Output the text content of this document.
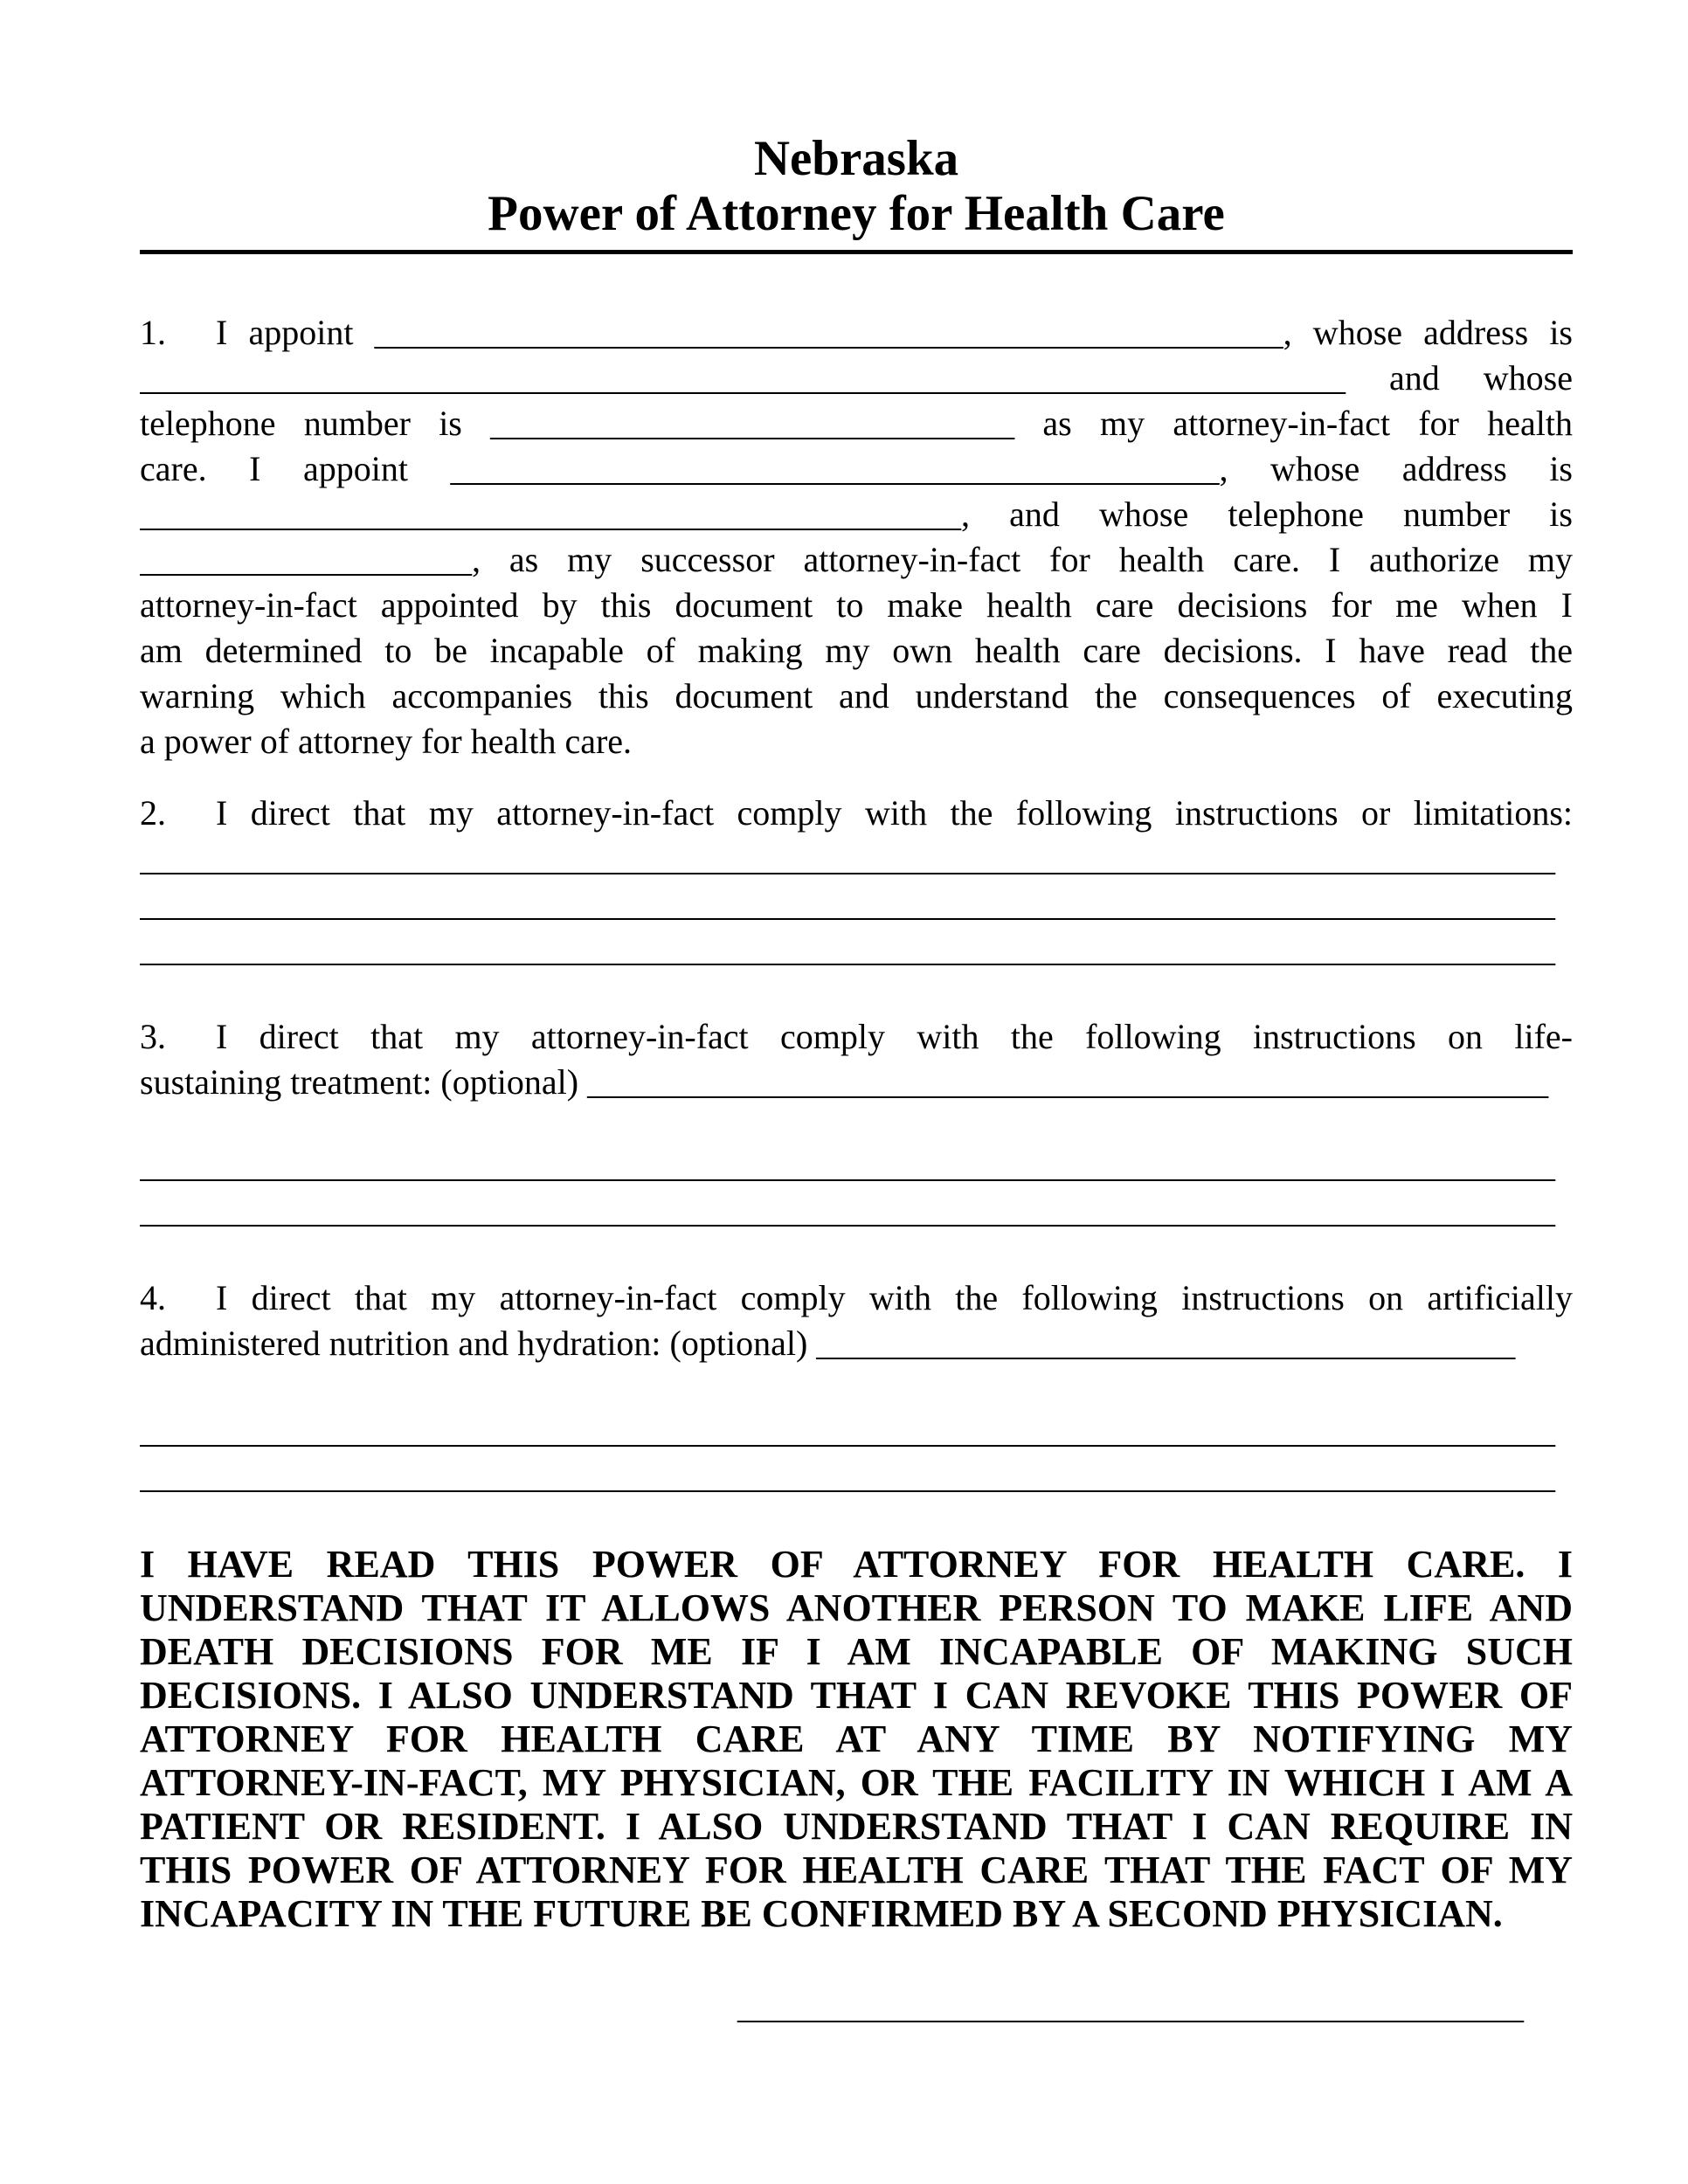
Nebraska
Power of Attorney for Health Care
1. I appoint ____________________________________________________, whose address is
_____________________________________________________________________ and whose
telephone number is ______________________________ as my attorney-in-fact for health
care. I appoint ____________________________________________, whose address is
_______________________________________________, and whose telephone number is
___________________, as my successor attorney-in-fact for health care. I authorize my
attorney-in-fact appointed by this document to make health care decisions for me when I
am determined to be incapable of making my own health care decisions. I have read the
warning which accompanies this document and understand the consequences of executing
a power of attorney for health care.
2. I direct that my attorney-in-fact comply with the following instructions or limitations:
_________________________________________________________________________________
_________________________________________________________________________________
_________________________________________________________________________________
3. I direct that my attorney-in-fact comply with the following instructions on life-
sustaining treatment: (optional) _______________________________________________________
_________________________________________________________________________________
_________________________________________________________________________________
4. I direct that my attorney-in-fact comply with the following instructions on artificially
administered nutrition and hydration: (optional) ________________________________________
_________________________________________________________________________________
_________________________________________________________________________________
I HAVE READ THIS POWER OF ATTORNEY FOR HEALTH CARE. I
UNDERSTAND THAT IT ALLOWS ANOTHER PERSON TO MAKE LIFE AND
DEATH DECISIONS FOR ME IF I AM INCAPABLE OF MAKING SUCH
DECISIONS. I ALSO UNDERSTAND THAT I CAN REVOKE THIS POWER OF
ATTORNEY FOR HEALTH CARE AT ANY TIME BY NOTIFYING MY
ATTORNEY-IN-FACT, MY PHYSICIAN, OR THE FACILITY IN WHICH I AM A
PATIENT OR RESIDENT. I ALSO UNDERSTAND THAT I CAN REQUIRE IN
THIS POWER OF ATTORNEY FOR HEALTH CARE THAT THE FACT OF MY
INCAPACITY IN THE FUTURE BE CONFIRMED BY A SECOND PHYSICIAN.
_____________________________________________
